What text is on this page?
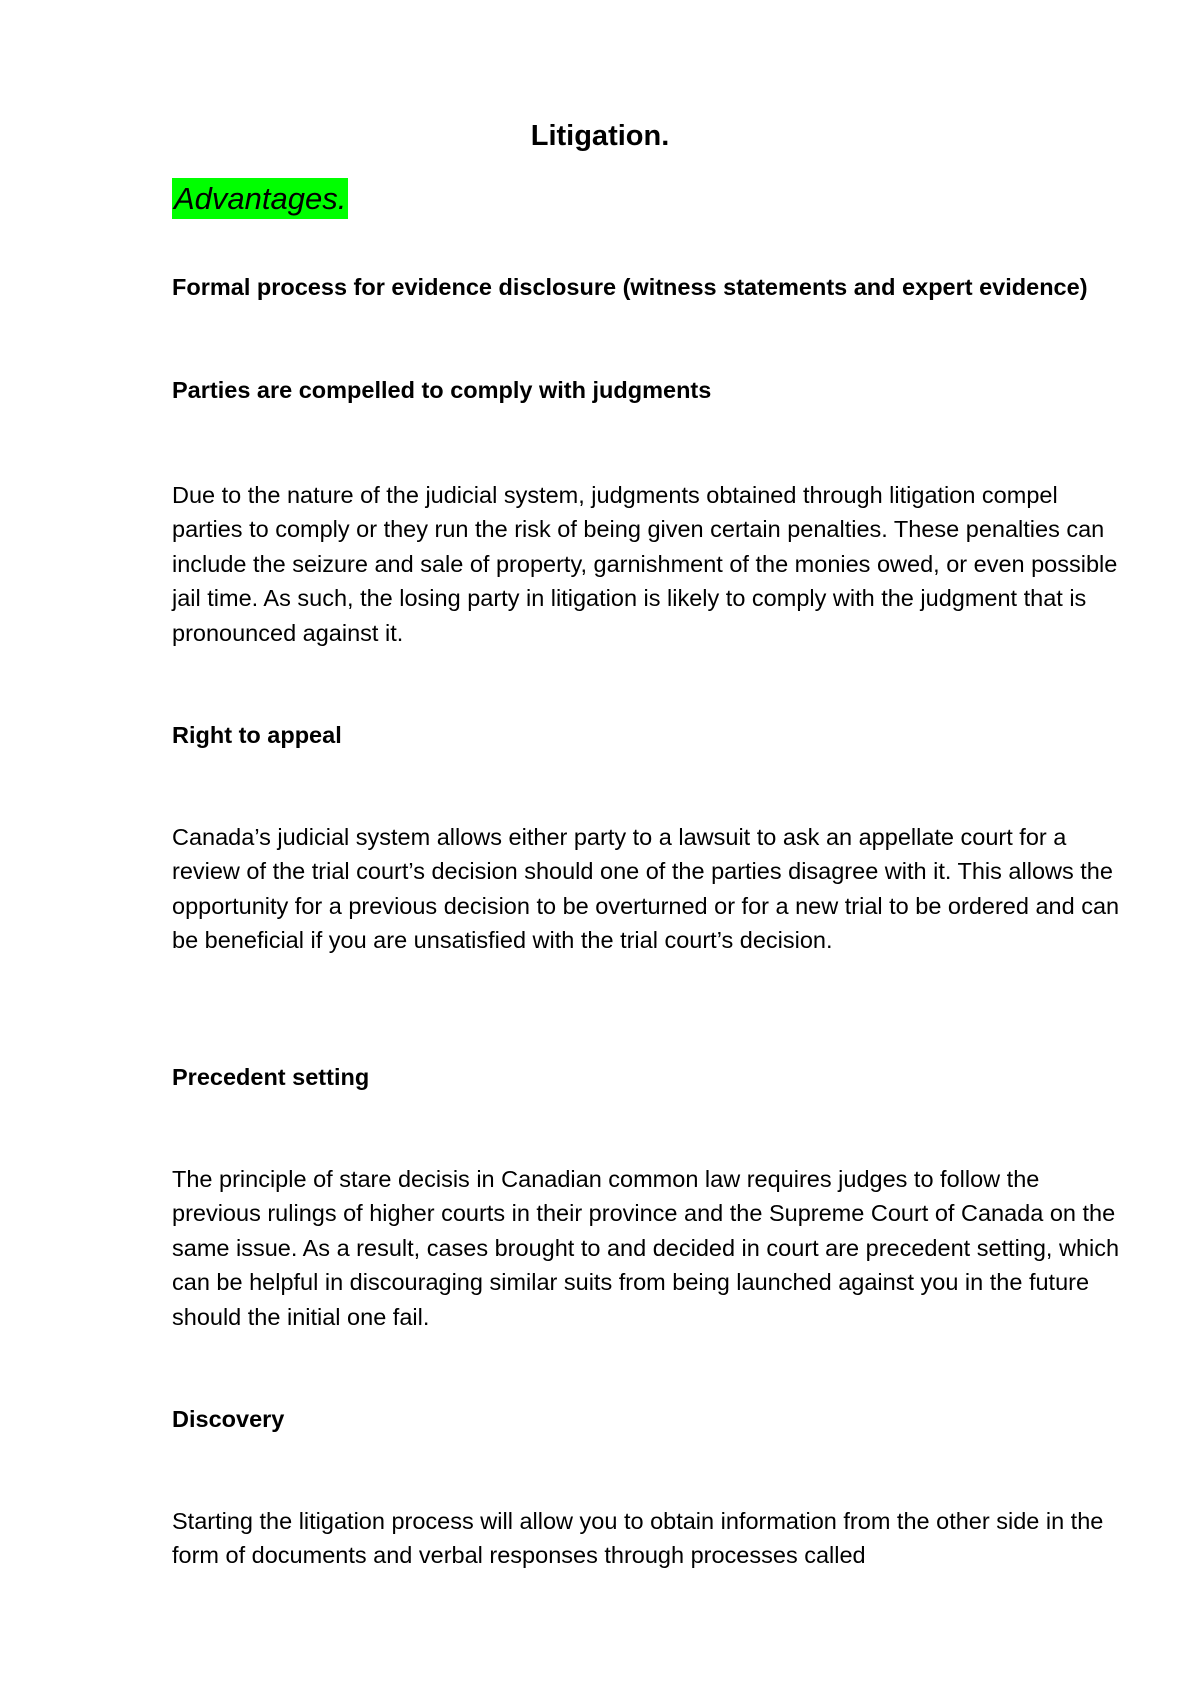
Litigation.
Advantages.

Formal process for evidence disclosure (witness statements and expert evidence)

Parties are compelled to comply with judgments

Due to the nature of the judicial system, judgments obtained through litigation compel parties to comply or they run the risk of being given certain penalties. These penalties can include the seizure and sale of property, garnishment of the monies owed, or even possible jail time. As such, the losing party in litigation is likely to comply with the judgment that is pronounced against it.

Right to appeal

Canada’s judicial system allows either party to a lawsuit to ask an appellate court for a review of the trial court’s decision should one of the parties disagree with it. This allows the opportunity for a previous decision to be overturned or for a new trial to be ordered and can be beneficial if you are unsatisfied with the trial court’s decision.

Precedent setting

The principle of stare decisis in Canadian common law requires judges to follow the previous rulings of higher courts in their province and the Supreme Court of Canada on the same issue. As a result, cases brought to and decided in court are precedent setting, which can be helpful in discouraging similar suits from being launched against you in the future should the initial one fail.

Discovery

Starting the litigation process will allow you to obtain information from the other side in the form of documents and verbal responses through processes called
